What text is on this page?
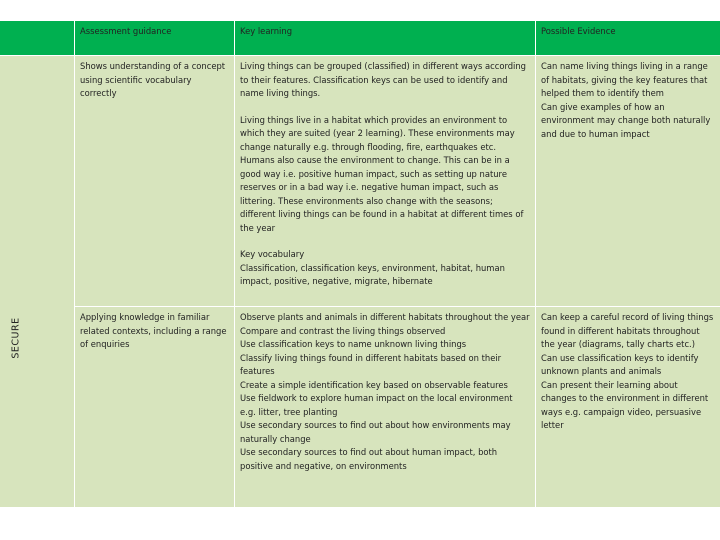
Assessment guidance	Key learning	Possible Evidence
SECURE

Shows understanding of a concept using scientific vocabulary correctly

Living things can be grouped (classified) in different ways according to their features. Classification keys can be used to identify and name living things.

Living things live in a habitat which provides an environment to which they are suited (year 2 learning). These environments may change naturally e.g. through flooding, fire, earthquakes etc. Humans also cause the environment to change. This can be in a good way i.e. positive human impact, such as setting up nature reserves or in a bad way i.e. negative human impact, such as littering. These environments also change with the seasons; different living things can be found in a habitat at different times of the year

Key vocabulary

Classification, classification keys, environment, habitat, human impact, positive, negative, migrate, hibernate

Can name living things living in a range of habitats, giving the key features that helped them to identify them

Can give examples of how an environment may change both naturally and due to human impact

Applying knowledge in familiar related contexts, including a range of enquiries

Observe plants and animals in different habitats throughout the year

Compare and contrast the living things observed

Use classification keys to name unknown living things

Classify living things found in different habitats based on their features

Create a simple identification key based on observable features

Use fieldwork to explore human impact on the local environment e.g. litter, tree planting

Use secondary sources to find out about how environments may naturally change

Use secondary sources to find out about human impact, both positive and negative, on environments

Can keep a careful record of living things found in different habitats throughout the year (diagrams, tally charts etc.)

Can use classification keys to identify unknown plants and animals

Can present their learning about changes to the environment in different ways e.g. campaign video, persuasive letter
